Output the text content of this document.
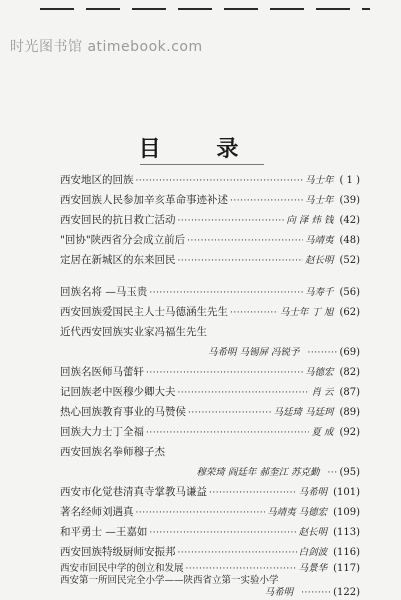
时光图书馆 atimebook.com
目 录
西安地区的回族 ·····	马士年 ( 1 )
西安回族人民参加辛亥革命事迹补述 ·····	马士年 (39)
西安回民的抗日救亡活动 ·····	向 泽 炜 钱 (42)
"回协"陕西省分会成立前后 ·····	马靖夷 (48)
定居在新城区的东来回民 ·····	赵长明 (52)
回族名将 —马玉贵 ·····	马寿千 (56)
西安回族爱国民主人士马德涵生先生 ·····	马士年 丁 旭 (62)
近代西安回族实业家冯福生先生
马希明 马锡屏 冯锐予 ·····	(69)
回族名医师马蕾轩 ·····	马德宏 (82)
记回族老中医穆少卿大夫 ·····	肖 云 (87)
热心回族教育事业的马赞侯 ·····	马廷琦 马廷珂 (89)
回族大力士丁全福 ·····	夏 成 (92)
西安回族名拳师穆子杰
穆荣琦 阎廷年 郝奎江 苏克勤 ····· (95)
西安市化觉巷清真寺掌教马谦益 ·····	马希明 (101)
著名经师刘遇真 ·····	马靖夷 马德宏 (109)
和平勇士 —王嘉如 ·····	赵长明 (113)
西安回族特级厨师安振邦 ·····	白剑波 (116)
西安市回民中学的创立和发展 ·····	马景华 (117)
西安第一所回民完全小学——陕西省立第一实验小学
马希明 ·····	(122)
